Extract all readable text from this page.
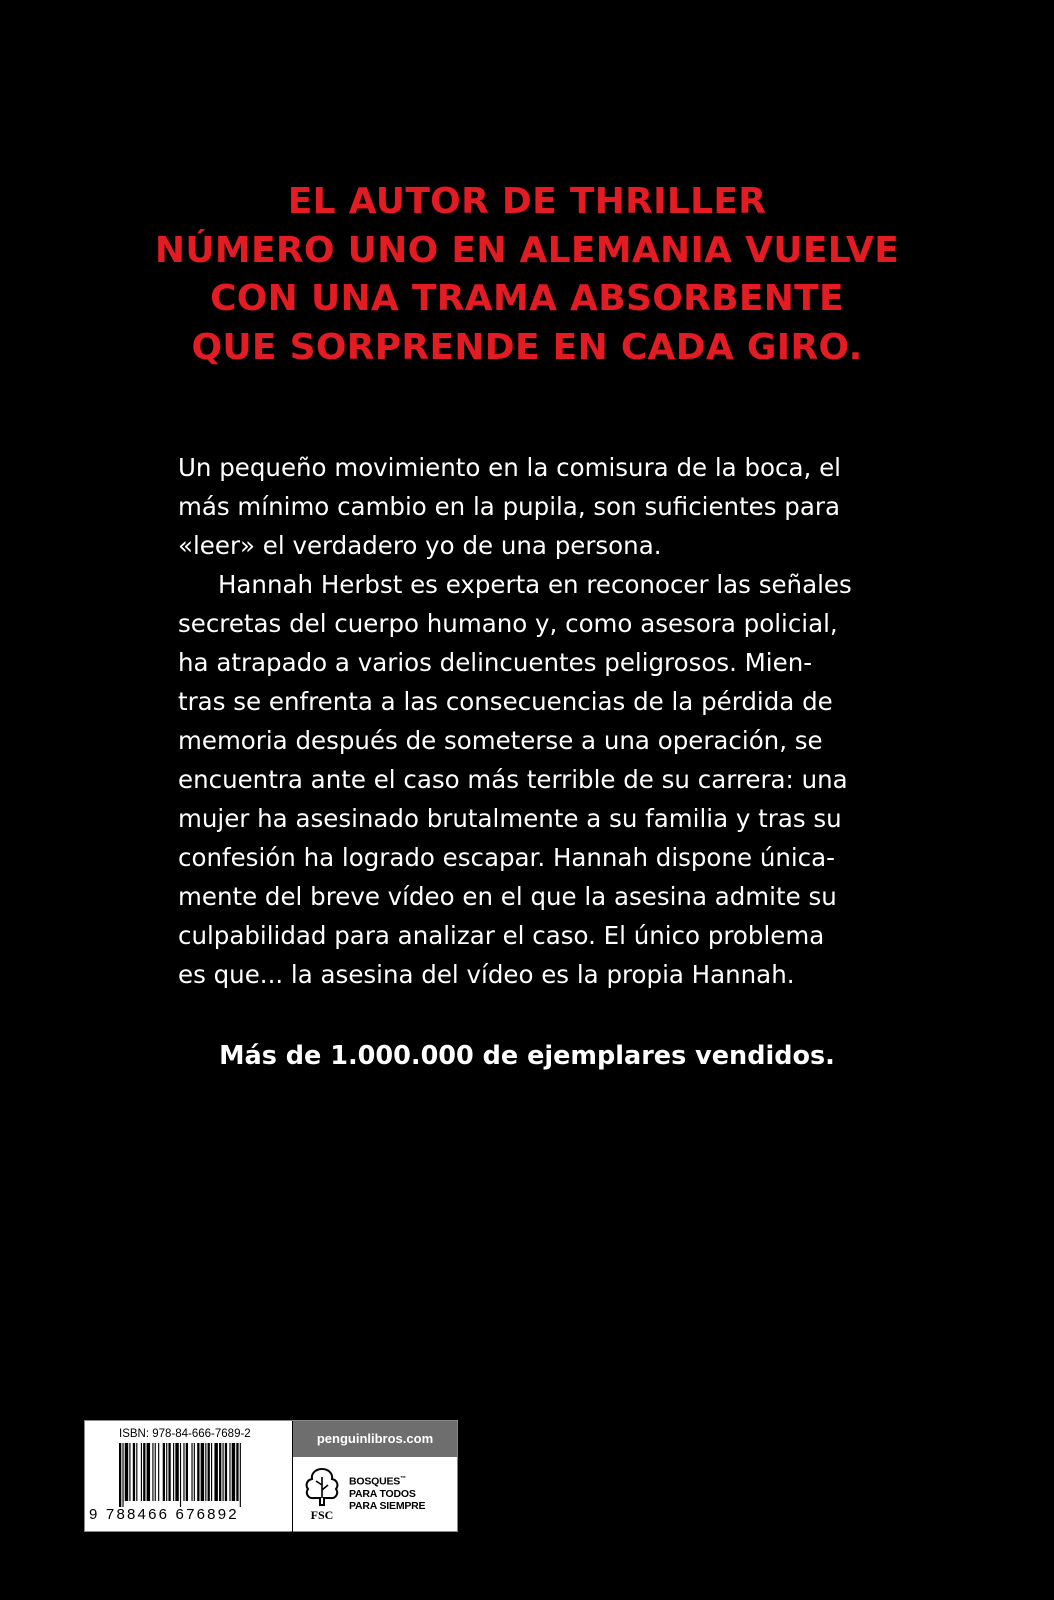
EL AUTOR DE THRILLER
NÚMERO UNO EN ALEMANIA VUELVE
CON UNA TRAMA ABSORBENTE
QUE SORPRENDE EN CADA GIRO.
Un pequeño movimiento en la comisura de la boca, el
más mínimo cambio en la pupila, son suficientes para
«leer» el verdadero yo de una persona.
Hannah Herbst es experta en reconocer las señales
secretas del cuerpo humano y, como asesora policial,
ha atrapado a varios delincuentes peligrosos. Mien-
tras se enfrenta a las consecuencias de la pérdida de
memoria después de someterse a una operación, se
encuentra ante el caso más terrible de su carrera: una
mujer ha asesinado brutalmente a su familia y tras su
confesión ha logrado escapar. Hannah dispone única-
mente del breve vídeo en el que la asesina admite su
culpabilidad para analizar el caso. El único problema
es que... la asesina del vídeo es la propia Hannah.
Más de 1.000.000 de ejemplares vendidos.
ISBN: 978-84-666-7689-2
9 788466 676892
penguinlibros.com
FSC
BOSQUES™
PARA TODOS
PARA SIEMPRE
